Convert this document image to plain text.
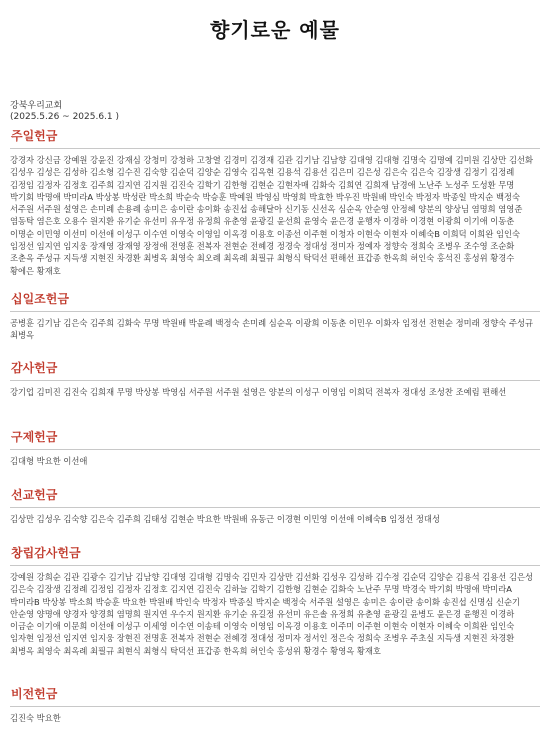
향기로운 예물
강북우리교회
(2025.5.26 ~ 2025.6.1 )
주일헌금
강경자 강신금 강예원 강윤진 강재심 강청미 강청하 고창열 김경미 김경재 김관 김기남 김남향 김대영 김대형 김명숙 김명예 김미원 김상만 김선화 김성우 김성은 김성하 김소형 김수진 김숙향 김순덕 김양순 김영숙 김옥현 김용석 김용선 김은미 김은성 김은숙 김은숙 김장생 김정기 김정례 김정임 김정자 김정호 김주희 김지연 김지원 김진숙 김학기 김한형 김현순 김현자매 김화숙 김희연 김희재 남경애 노난주 노성주 도성환 무명 박기회 박명애 박미라A 박상봉 박성란 박소희 박순숙 박승훈 박예원 박영심 박영희 박효한 박우진 박원배 박인숙 박정자 박종일 박지순 백정숙 서주원 서주원 설영은 손미례 손용례 송미은 송이란 송이화 송진섭 송해달아 신기동 신선옥 심순옥 안순영 안정혜 양분의 양상님 염명희 염영준 염동탁 염은호 오용수 원지환 유기순 유선미 유우정 유정희 유춘영 윤광길 윤선희 윤영숙 윤은경 윤행자 이경하 이경현 이광희 이기애 이동춘 이명순 이민영 이선미 이선애 이성구 이수연 이영숙 이영임 이옥경 이용호 이종선 이주현 이청자 이현숙 이현자 이혜숙B 이희덕 이희완 임인숙 임정선 임지연 임지웅 장재영 장재영 장정애 전영훈 전복자 전현순 전혜경 정경숙 정대성 정미자 정예자 정향숙 정희숙 조병우 조수영 조순화 조춘옥 주성규 지득생 지현진 차경환 최병옥 최영숙 최오례 최옥례 최필규 최형식 탁덕선 편해선 표갑종 한옥희 허인숙 홍석진 홍성위 황경수 황에은 황재호
십일조헌금
공병훈 김기남 김은숙 김주희 김화숙 무명 박원배 박윤례 백정숙 손미례 심순옥 이광희 이동춘 이민우 이화자 임정선 전현순 정미래 정향숙 주성규 최병옥
감사헌금
강기업 김미진 김진숙 김희재 무명 박상봉 박영심 서주원 서주원 설영은 양분의 이성구 이영임 이희덕 전복자 정대성 조성찬 조예림 편해선
구제헌금
김대형 박요한 이선애
선교헌금
김상만 김성우 김숙향 김은숙 김주희 김태성 김현순 박요한 박원배 유동근 이경현 이민영 이선애 이혜숙B 임정선 정대성
창립감사헌금
강예원 강희순 김관 김광수 김기남 김남향 김대영 김대형 김명숙 김민자 김상만 김선화 김성우 김성하 김수정 김순덕 김양순 김용석 김용선 김은성 김은숙 김장생 김정례 김정임 김정자 김정호 김지연 김진숙 김하늘 김학기 김한형 김현순 김화숙 노난주 무명 박경숙 박기회 박명애 박미라A 박미라B 박상봉 박소희 박승훈 박요한 박원배 박인숙 박정자 박종실 박지순 백정숙 서주원 설영은 송미은 송이란 송이화 송진섭 신명심 신순기 안순영 양명애 양경자 양경희 염명희 원지연 우수지 원지환 유기순 유길정 유선미 유은솔 유정희 유춘영 윤광길 윤병도 윤은경 윤행진 이경하 이금순 이기애 이문희 이선애 이성구 이세영 이수연 이송테 이영숙 이영임 이옥경 이용호 이주미 이주현 이현숙 이현자 이혜숙 이희완 임인숙 임자현 임정선 임지연 임지웅 장현진 전명훈 전복자 전현순 전혜경 정대성 정미자 정서인 정은숙 정희숙 조병우 주초실 지득생 지현진 차경환 최병옥 최영숙 최옥례 최필규 최현식 최형식 탁덕선 표갑종 한옥희 허인숙 홍성위 황경수 황영옥 황재호
비전헌금
김진숙 박요한
